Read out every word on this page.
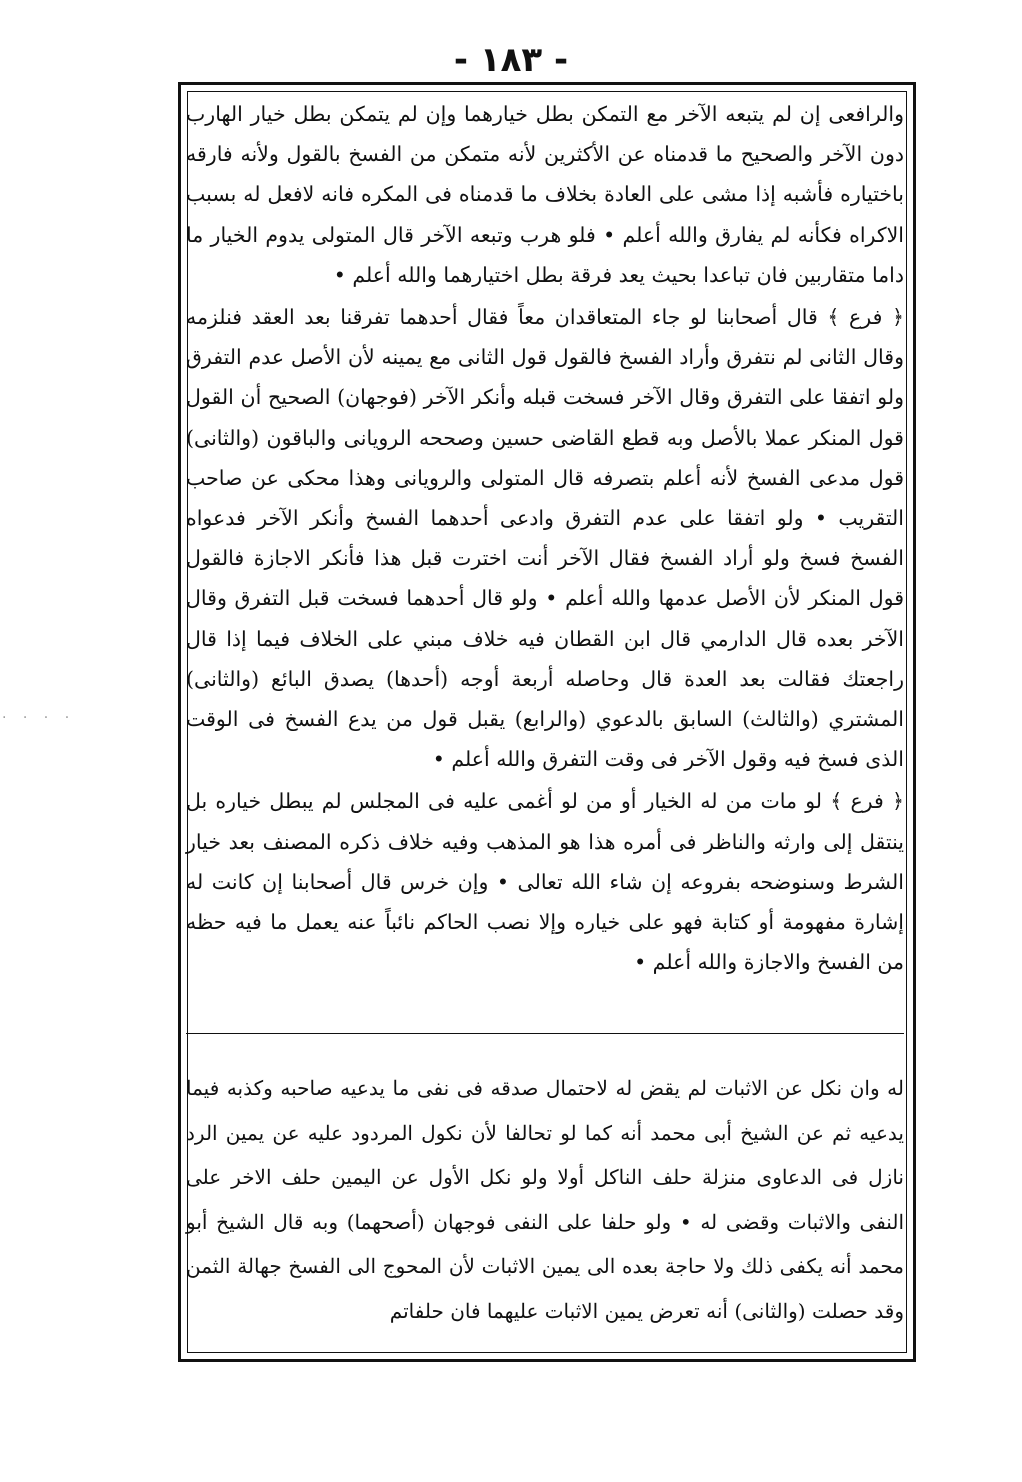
- ١٨٣ -

والرافعى إن لم يتبعه الآخر مع التمكن بطل خيارهما وإن لم يتمكن بطل خيار الهارب دون الآخر والصحيح ما قدمناه عن الأكثرين لأنه متمكن من الفسخ بالقول ولأنه فارقه باختياره فأشبه إذا مشى على العادة بخلاف ما قدمناه فى المكره فانه لافعل له بسبب الاكراه فكأنه لم يفارق والله أعلم • فلو هرب وتبعه الآخر قال المتولى يدوم الخيار ما داما متقاربين فان تباعدا بحيث يعد فرقة بطل اختيارهما والله أعلم •

﴿ فرع ﴾ قال أصحابنا لو جاء المتعاقدان معاً فقال أحدهما تفرقنا بعد العقد فنلزمه وقال الثانى لم نتفرق وأراد الفسخ فالقول قول الثانى مع يمينه لأن الأصل عدم التفرق ولو اتفقا على التفرق وقال الآخر فسخت قبله وأنكر الآخر (فوجهان) الصحيح أن القول قول المنكر عملا بالأصل وبه قطع القاضى حسين وصححه الرويانى والباقون (والثانى) قول مدعى الفسخ لأنه أعلم بتصرفه قال المتولى والرويانى وهذا محكى عن صاحب التقريب • ولو اتفقا على عدم التفرق وادعى أحدهما الفسخ وأنكر الآخر فدعواه الفسخ فسخ ولو أراد الفسخ فقال الآخر أنت اخترت قبل هذا فأنكر الاجازة فالقول قول المنكر لأن الأصل عدمها والله أعلم • ولو قال أحدهما فسخت قبل التفرق وقال الآخر بعده قال الدارمي قال ابن القطان فيه خلاف مبني على الخلاف فيما إذا قال راجعتك فقالت بعد العدة قال وحاصله أربعة أوجه (أحدها) يصدق البائع (والثانى) المشتري (والثالث) السابق بالدعوي (والرابع) يقبل قول من يدع الفسخ فى الوقت الذى فسخ فيه وقول الآخر فى وقت التفرق والله أعلم •

﴿ فرع ﴾ لو مات من له الخيار أو من لو أغمى عليه فى المجلس لم يبطل خياره بل ينتقل إلى وارثه والناظر فى أمره هذا هو المذهب وفيه خلاف ذكره المصنف بعد خيار الشرط وسنوضحه بفروعه إن شاء الله تعالى • وإن خرس قال أصحابنا إن كانت له إشارة مفهومة أو كتابة فهو على خياره وإلا نصب الحاكم نائباً عنه يعمل ما فيه حظه من الفسخ والاجازة والله أعلم •

له وان نكل عن الاثبات لم يقض له لاحتمال صدقه فى نفى ما يدعيه صاحبه وكذبه فيما يدعيه ثم عن الشيخ أبى محمد أنه كما لو تحالفا لأن نكول المردود عليه عن يمين الرد نازل فى الدعاوى منزلة حلف الناكل أولا ولو نكل الأول عن اليمين حلف الاخر على النفى والاثبات وقضى له • ولو حلفا على النفى فوجهان (أصحهما) وبه قال الشيخ أبو محمد أنه يكفى ذلك ولا حاجة بعده الى يمين الاثبات لأن المحوج الى الفسخ جهالة الثمن وقد حصلت (والثانى) أنه تعرض يمين الاثبات عليهما فان حلفاتم

. . . .
